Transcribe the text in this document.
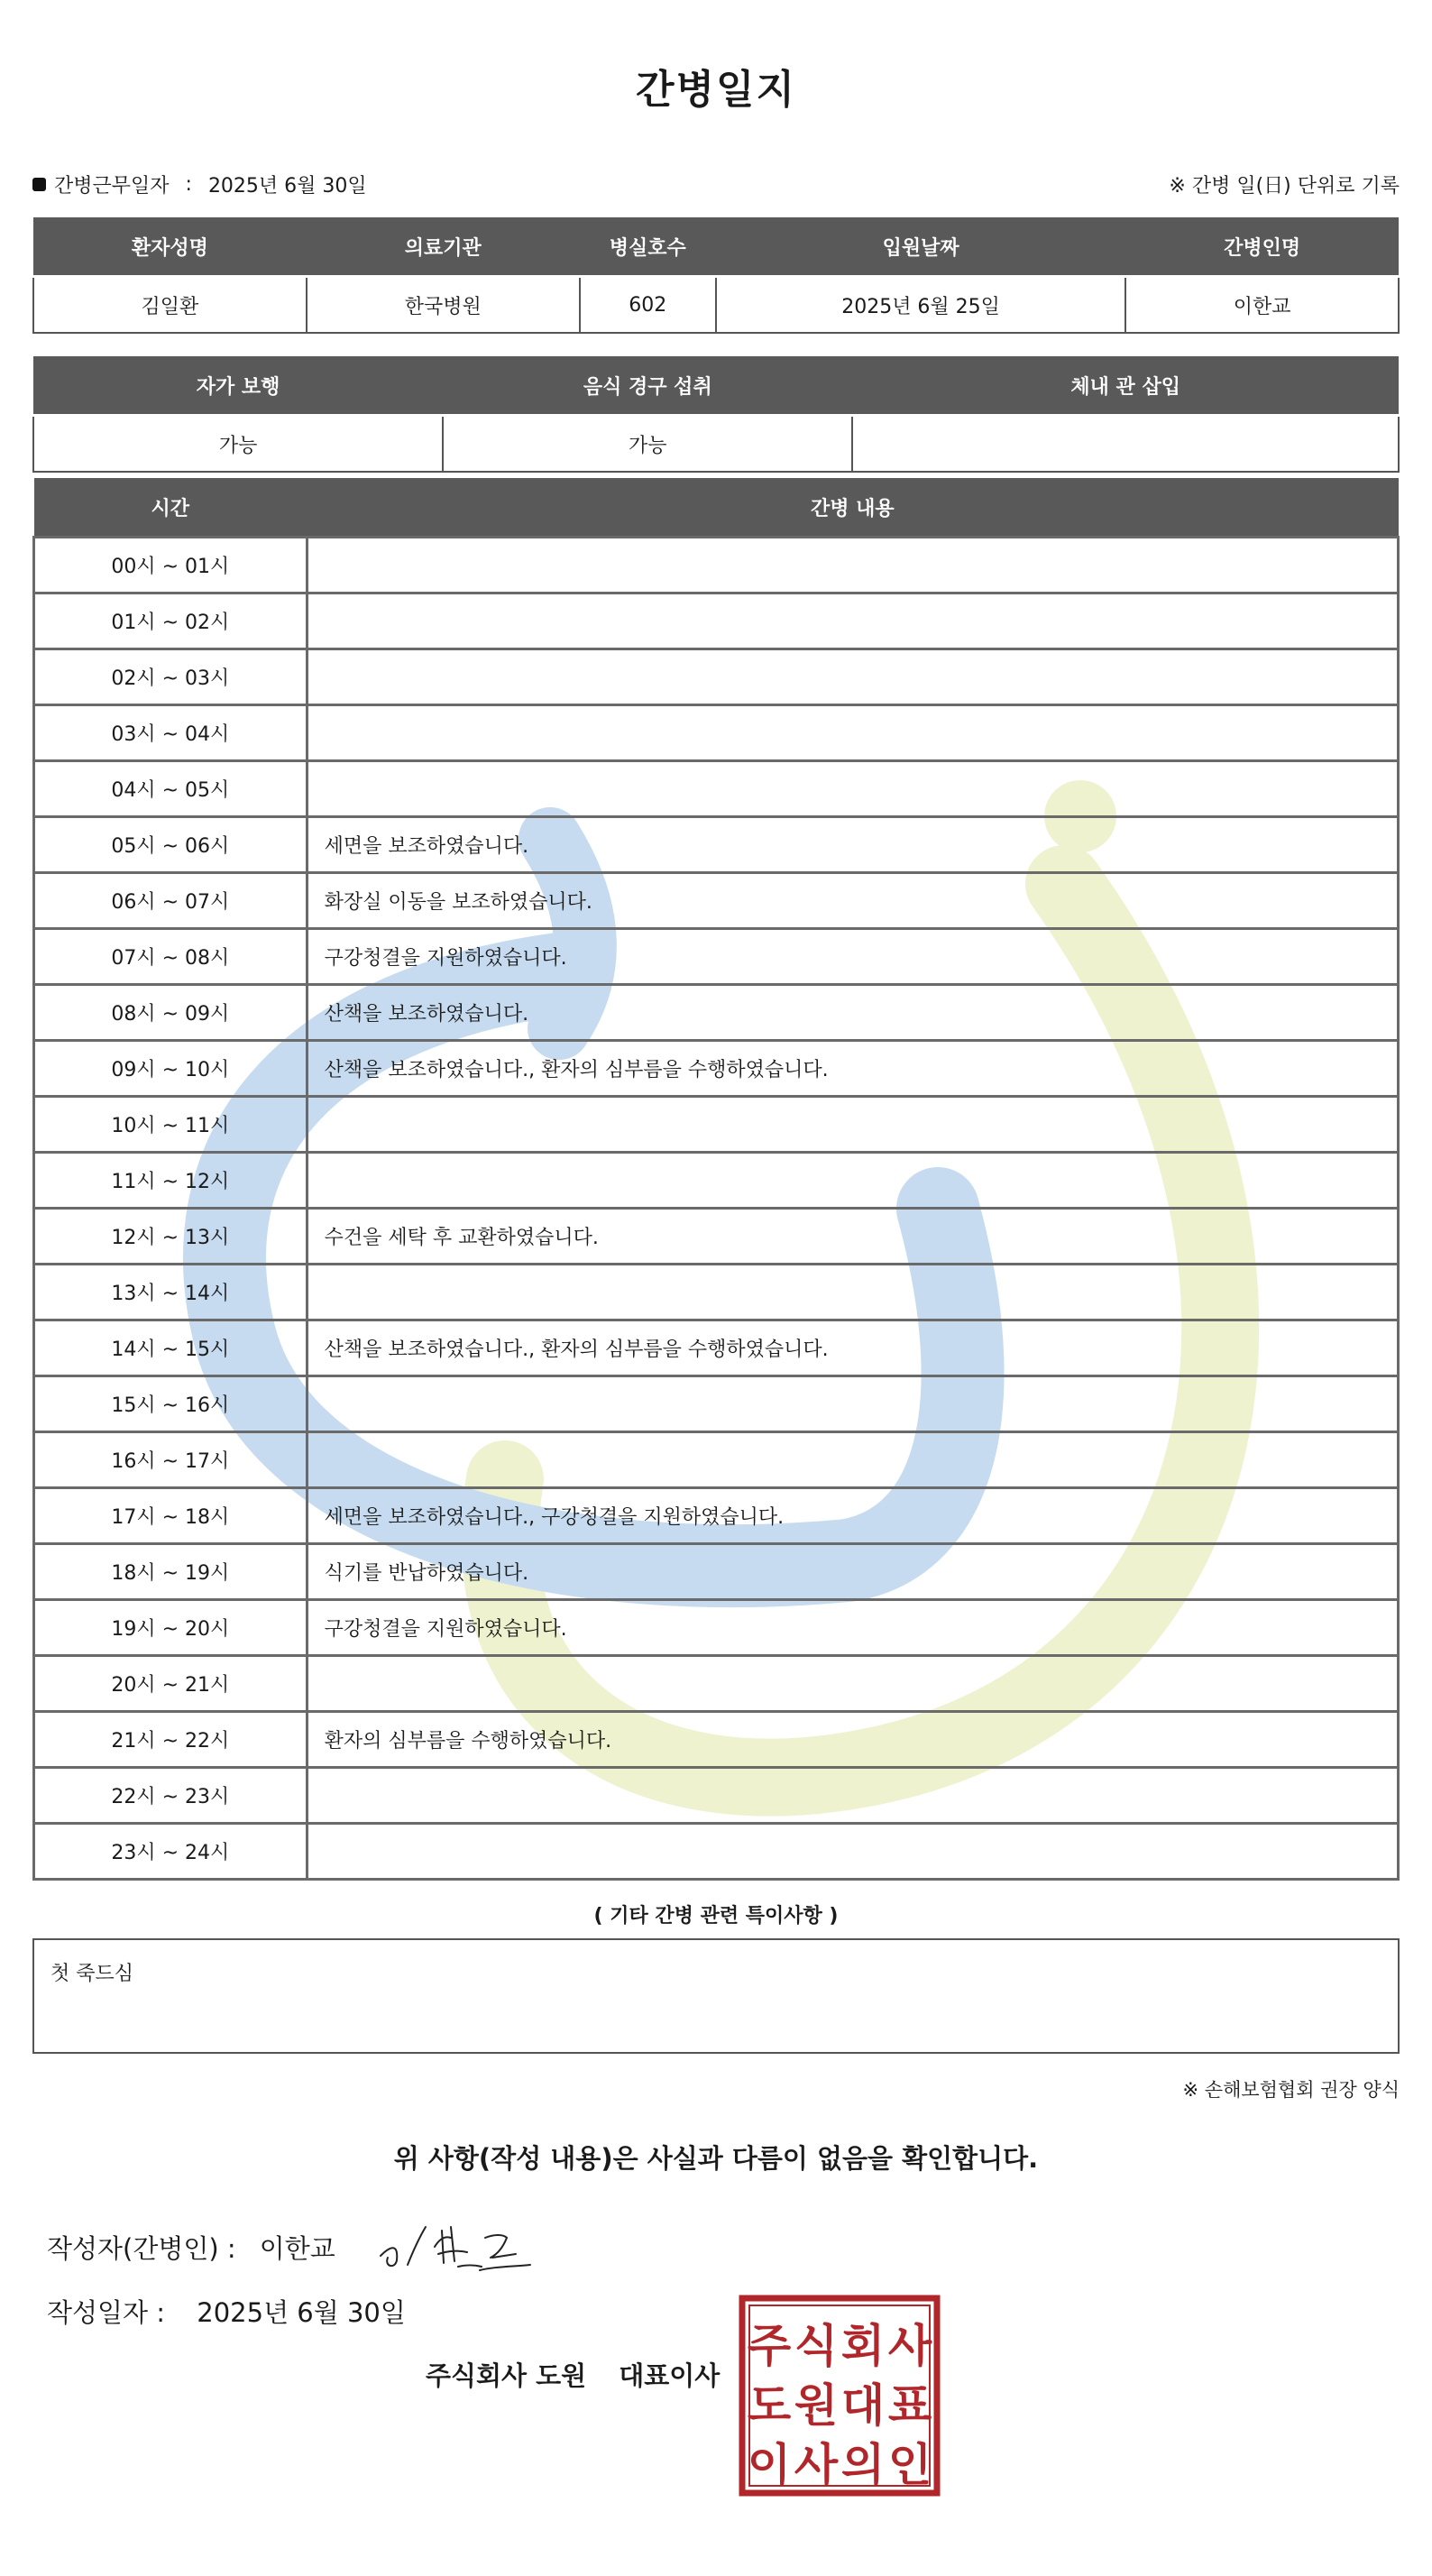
간병일지
간병근무일자 : 2025년 6월 30일	※ 간병 일(日) 단위로 기록
환자성명	의료기관	병실호수	입원날짜	간병인명
김일환	한국병원	602	2025년 6월 25일	이한교
자가 보행	음식 경구 섭취	체내 관 삽입
가능	가능	
시간	간병 내용
00시 ~ 01시	
01시 ~ 02시	
02시 ~ 03시	
03시 ~ 04시	
04시 ~ 05시	
05시 ~ 06시	세면을 보조하였습니다.
06시 ~ 07시	화장실 이동을 보조하였습니다.
07시 ~ 08시	구강청결을 지원하였습니다.
08시 ~ 09시	산책을 보조하였습니다.
09시 ~ 10시	산책을 보조하였습니다., 환자의 심부름을 수행하였습니다.
10시 ~ 11시	
11시 ~ 12시	
12시 ~ 13시	수건을 세탁 후 교환하였습니다.
13시 ~ 14시	
14시 ~ 15시	산책을 보조하였습니다., 환자의 심부름을 수행하였습니다.
15시 ~ 16시	
16시 ~ 17시	
17시 ~ 18시	세면을 보조하였습니다., 구강청결을 지원하였습니다.
18시 ~ 19시	식기를 반납하였습니다.
19시 ~ 20시	구강청결을 지원하였습니다.
20시 ~ 21시	
21시 ~ 22시	환자의 심부름을 수행하였습니다.
22시 ~ 23시	
23시 ~ 24시	
( 기타 간병 관련 특이사항 )
첫 죽드심
※ 손해보험협회 권장 양식
위 사항(작성 내용)은 사실과 다름이 없음을 확인합니다.
작성자(간병인) : 이한교
작성일자 : 2025년 6월 30일
주식회사 도원 대표이사
주 식 회 사
도 원 대 표
이 사 의 인
